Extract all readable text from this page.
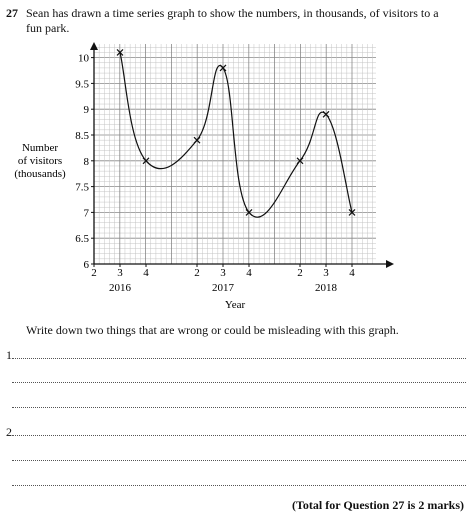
27 Sean has drawn a time series graph to show the numbers, in thousands, of visitors to a fun park.
Number of visitors (thousands)
6
6.5
7
7.5
8
8.5
9
9.5
10
2 3 4	2 3 4	2 3 4
2016	2017	2018
Year
Write down two things that are wrong or could be misleading with this graph.
1
2
(Total for Question 27 is 2 marks)
